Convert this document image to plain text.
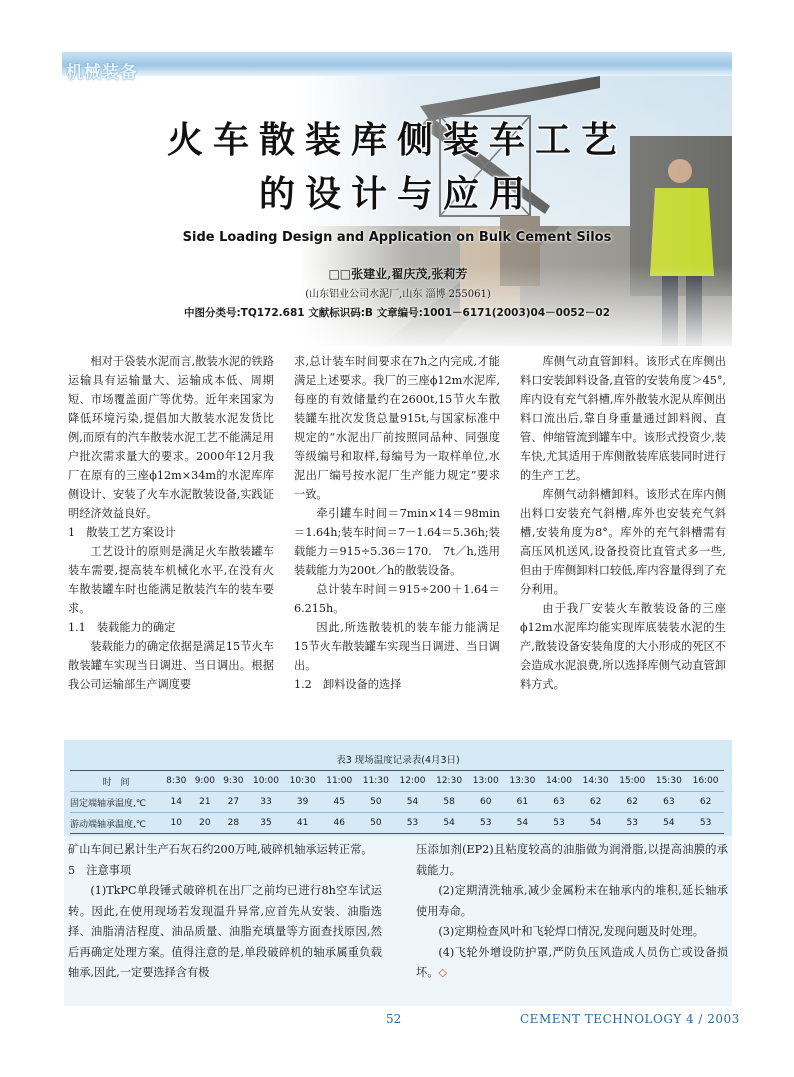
机械装备
火车散装库侧装车工艺
的设计与应用
Side Loading Design and Application on Bulk Cement Silos
□□张建业,翟庆茂,张莉芳
(山东铝业公司水泥厂,山东 淄博 255061)
中图分类号:TQ172.681 文献标识码:B 文章编号:1001－6171(2003)04－0052－02

相对于袋装水泥而言,散装水泥的铁路运输具有运输量大、运输成本低、周期短、市场覆盖面广等优势。近年来国家为降低环境污染,提倡加大散装水泥发货比例,而原有的汽车散装水泥工艺不能满足用户批次需求量大的要求。2000年12月我厂在原有的三座ϕ12m×34m的水泥库库侧设计、安装了火车水泥散装设备,实践证明经济效益良好。

1　散装工艺方案设计

工艺设计的原则是满足火车散装罐车装车需要,提高装车机械化水平,在没有火车散装罐车时也能满足散装汽车的装车要求。

1.1　装载能力的确定

装载能力的确定依据是满足15节火车散装罐车实现当日调进、当日调出。根据我公司运输部生产调度要

求,总计装车时间要求在7h之内完成,才能满足上述要求。我厂的三座ϕ12m水泥库,每座的有效储量约在2600t,15节火车散装罐车批次发货总量915t,与国家标准中规定的“水泥出厂前按照同品种、同强度等级编号和取样,每编号为一取样单位,水泥出厂编号按水泥厂生产能力规定”要求一致。

牵引罐车时间＝7min×14＝98min＝1.64h;装车时间＝7－1.64＝5.36h;装载能力＝915÷5.36＝170.　7t／h,选用装载能力为200t／h的散装设备。

总计装车时间＝915÷200＋1.64＝6.215h。

因此,所选散装机的装车能力能满足15节火车散装罐车实现当日调进、当日调出。

1.2　卸料设备的选择

库侧气动直管卸料。该形式在库侧出料口安装卸料设备,直管的安装角度＞45°,库内设有充气斜槽,库外散装水泥从库侧出料口流出后,靠自身重量通过卸料阀、直管、伸缩管流到罐车中。该形式投资少,装车快,尤其适用于库侧散装库底装同时进行的生产工艺。

库侧气动斜槽卸料。该形式在库内侧出料口安装充气斜槽,库外也安装充气斜槽,安装角度为8°。库外的充气斜槽需有高压风机送风,设备投资比直管式多一些,但由于库侧卸料口较低,库内容量得到了充分利用。

由于我厂安装火车散装设备的三座ϕ12m水泥库均能实现库底装装水泥的生产,散装设备安装角度的大小形成的死区不会造成水泥浪费,所以选择库侧气动直管卸料方式。

表3 现场温度记录表(4月3日)
时　间	8:30	9:00	9:30	10:00	10:30	11:00	11:30	12:00	12:30	13:00	13:30	14:00	14:30	15:00	15:30	16:00
固定端轴承温度,℃	14	21	27	33	39	45	50	54	58	60	61	63	62	62	63	62
游动端轴承温度,℃	10	20	28	35	41	46	50	53	54	53	54	53	54	53	54	53

矿山车间已累计生产石灰石约200万吨,破碎机轴承运转正常。

5　注意事项

(1)TkPC单段锤式破碎机在出厂之前均已进行8h空车试运转。因此,在使用现场若发现温升异常,应首先从安装、油脂选择、油脂清洁程度、油品质量、油脂充填量等方面查找原因,然后再确定处理方案。值得注意的是,单段破碎机的轴承属重负载轴承,因此,一定要选择含有极

压添加剂(EP2)且粘度较高的油脂做为润滑脂,以提高油膜的承载能力。

(2)定期清洗轴承,减少金属粉末在轴承内的堆积,延长轴承使用寿命。

(3)定期检查风叶和飞轮焊口情况,发现问题及时处理。

(4)飞轮外增设防护罩,严防负压风造成人员伤亡或设备损坏。◇

52	CEMENT TECHNOLOGY 4 / 2003
